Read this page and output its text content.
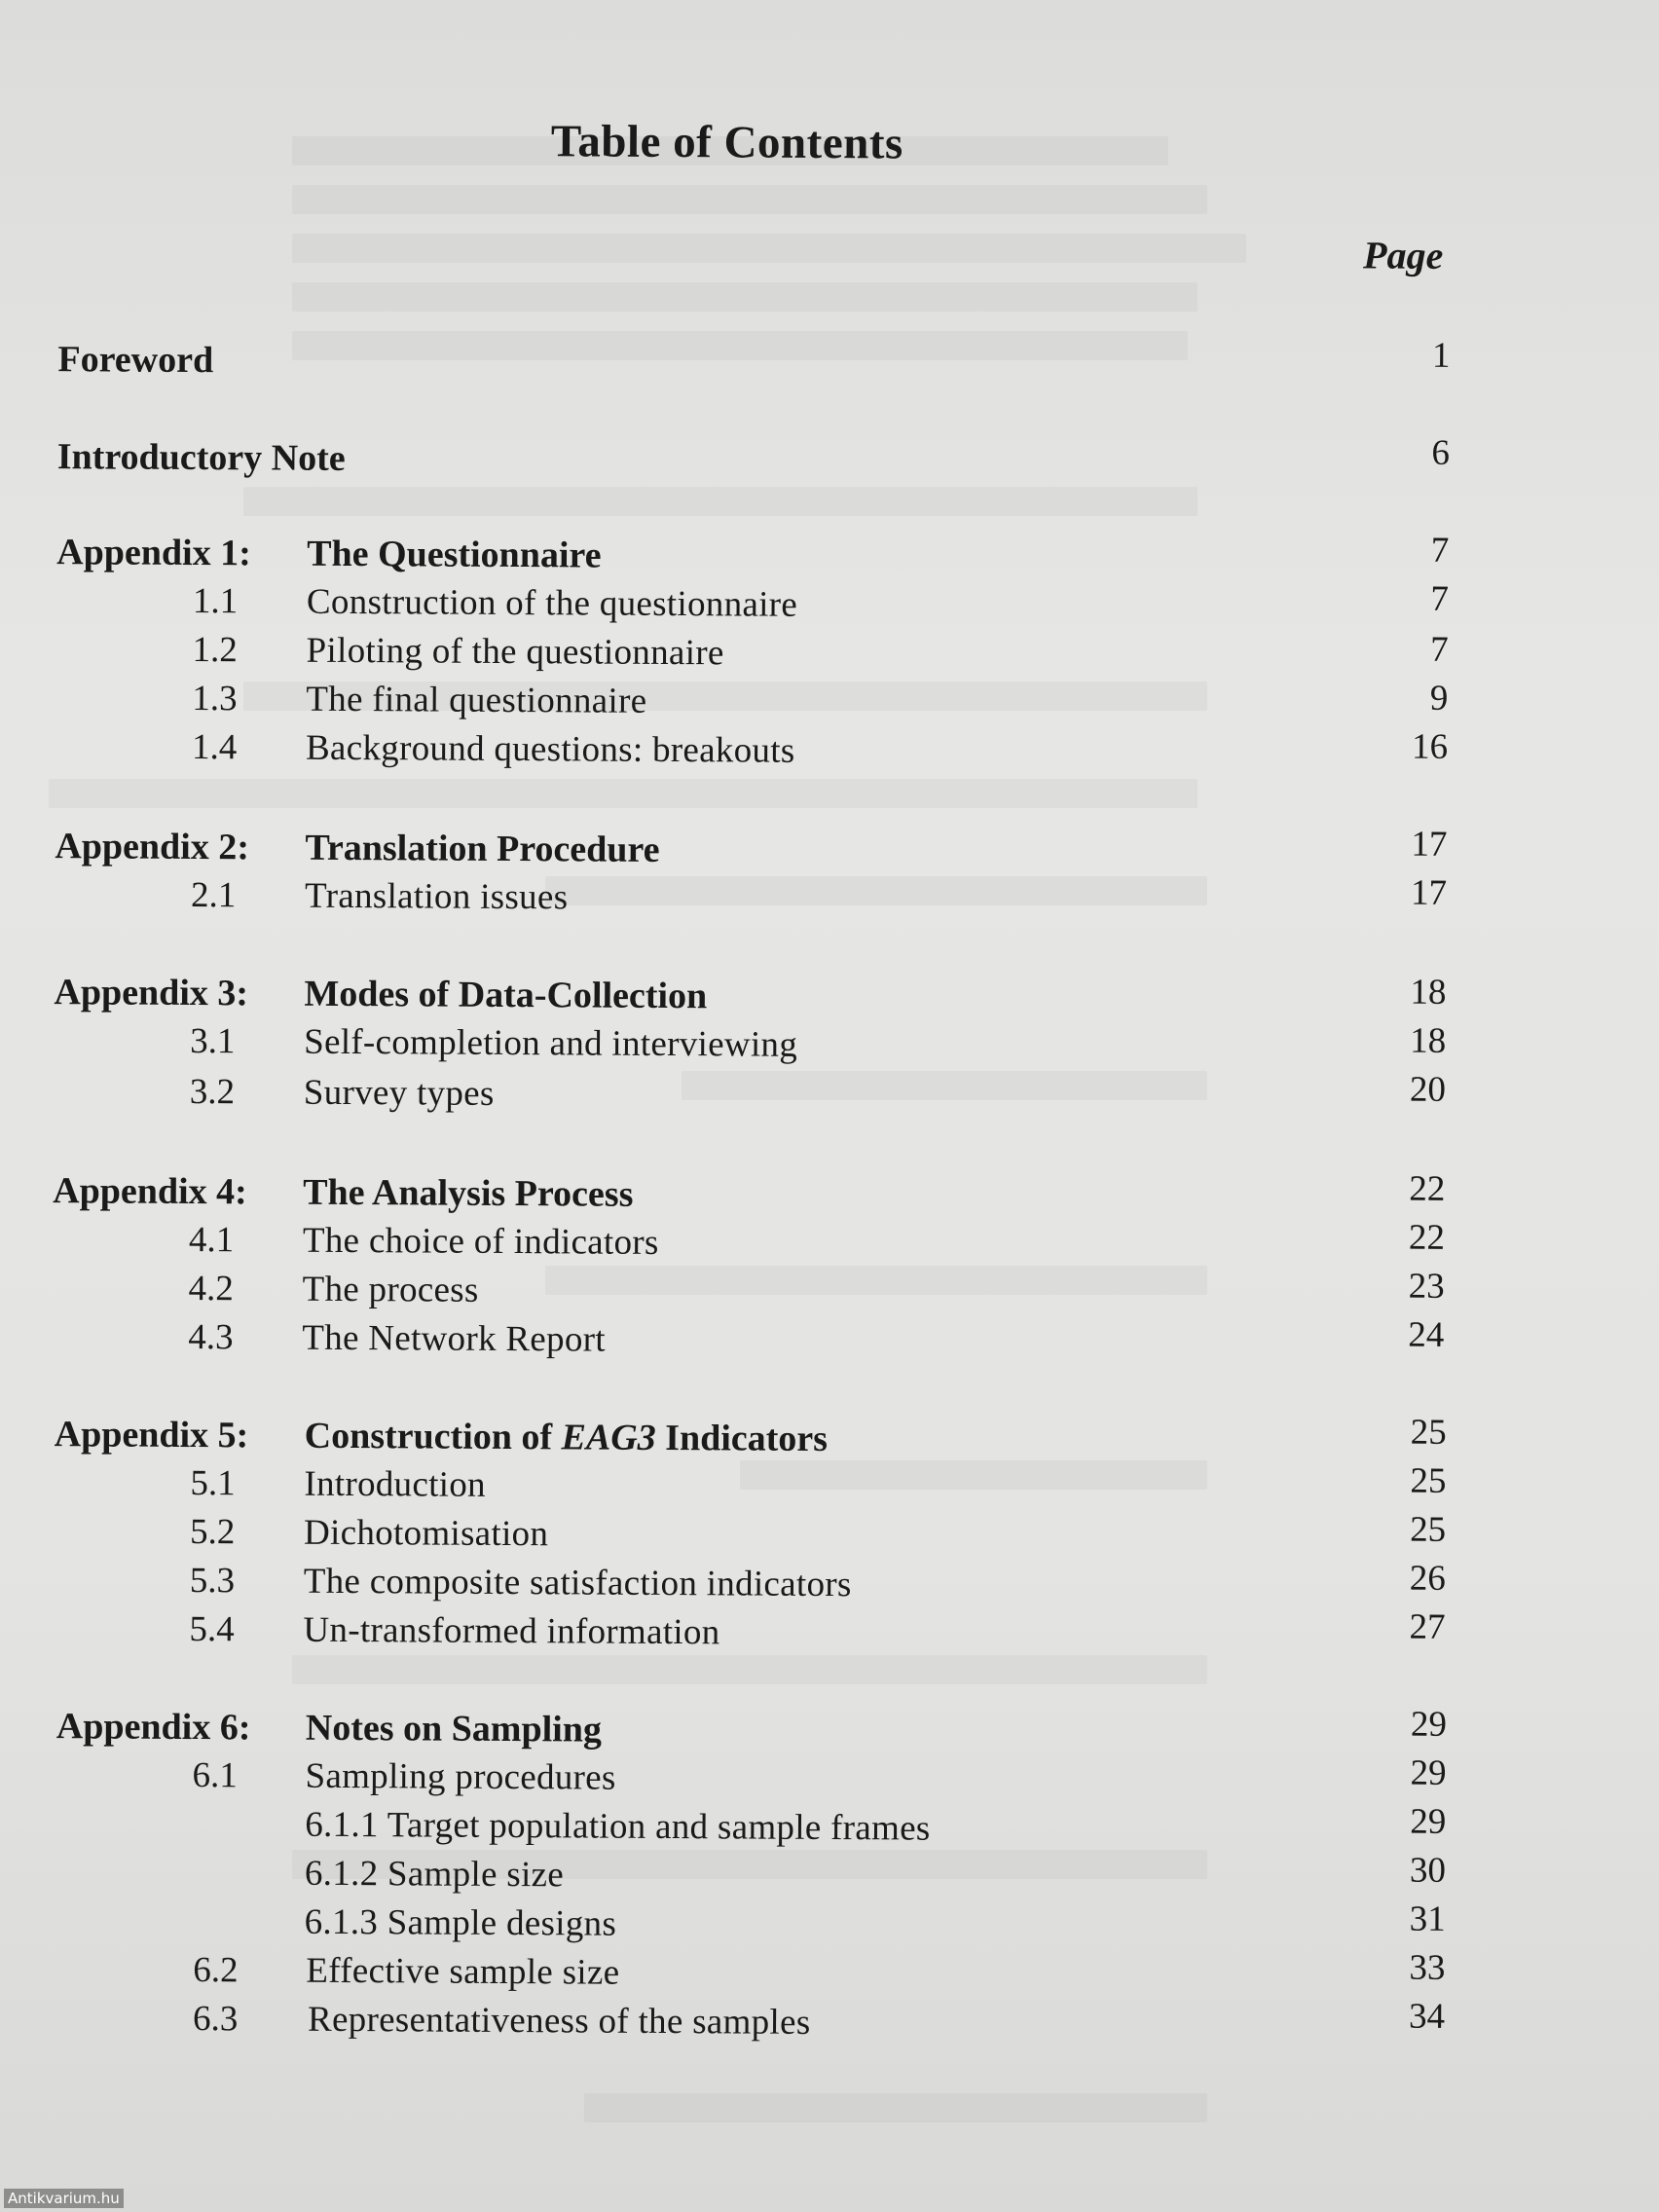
Table of Contents
Page
Foreword	1
Introductory Note	6
Appendix 1: The Questionnaire	7
1.1 Construction of the questionnaire	7
1.2 Piloting of the questionnaire	7
1.3 The final questionnaire	9
1.4 Background questions: breakouts	16
Appendix 2: Translation Procedure	17
2.1 Translation issues	17
Appendix 3: Modes of Data-Collection	18
3.1 Self-completion and interviewing	18
3.2 Survey types	20
Appendix 4: The Analysis Process	22
4.1 The choice of indicators	22
4.2 The process	23
4.3 The Network Report	24
Appendix 5: Construction of EAG3 Indicators	25
5.1 Introduction	25
5.2 Dichotomisation	25
5.3 The composite satisfaction indicators	26
5.4 Un-transformed information	27
Appendix 6: Notes on Sampling	29
6.1 Sampling procedures	29
6.1.1 Target population and sample frames	29
6.1.2 Sample size	30
6.1.3 Sample designs	31
6.2 Effective sample size	33
6.3 Representativeness of the samples	34
Antikvarium.hu
